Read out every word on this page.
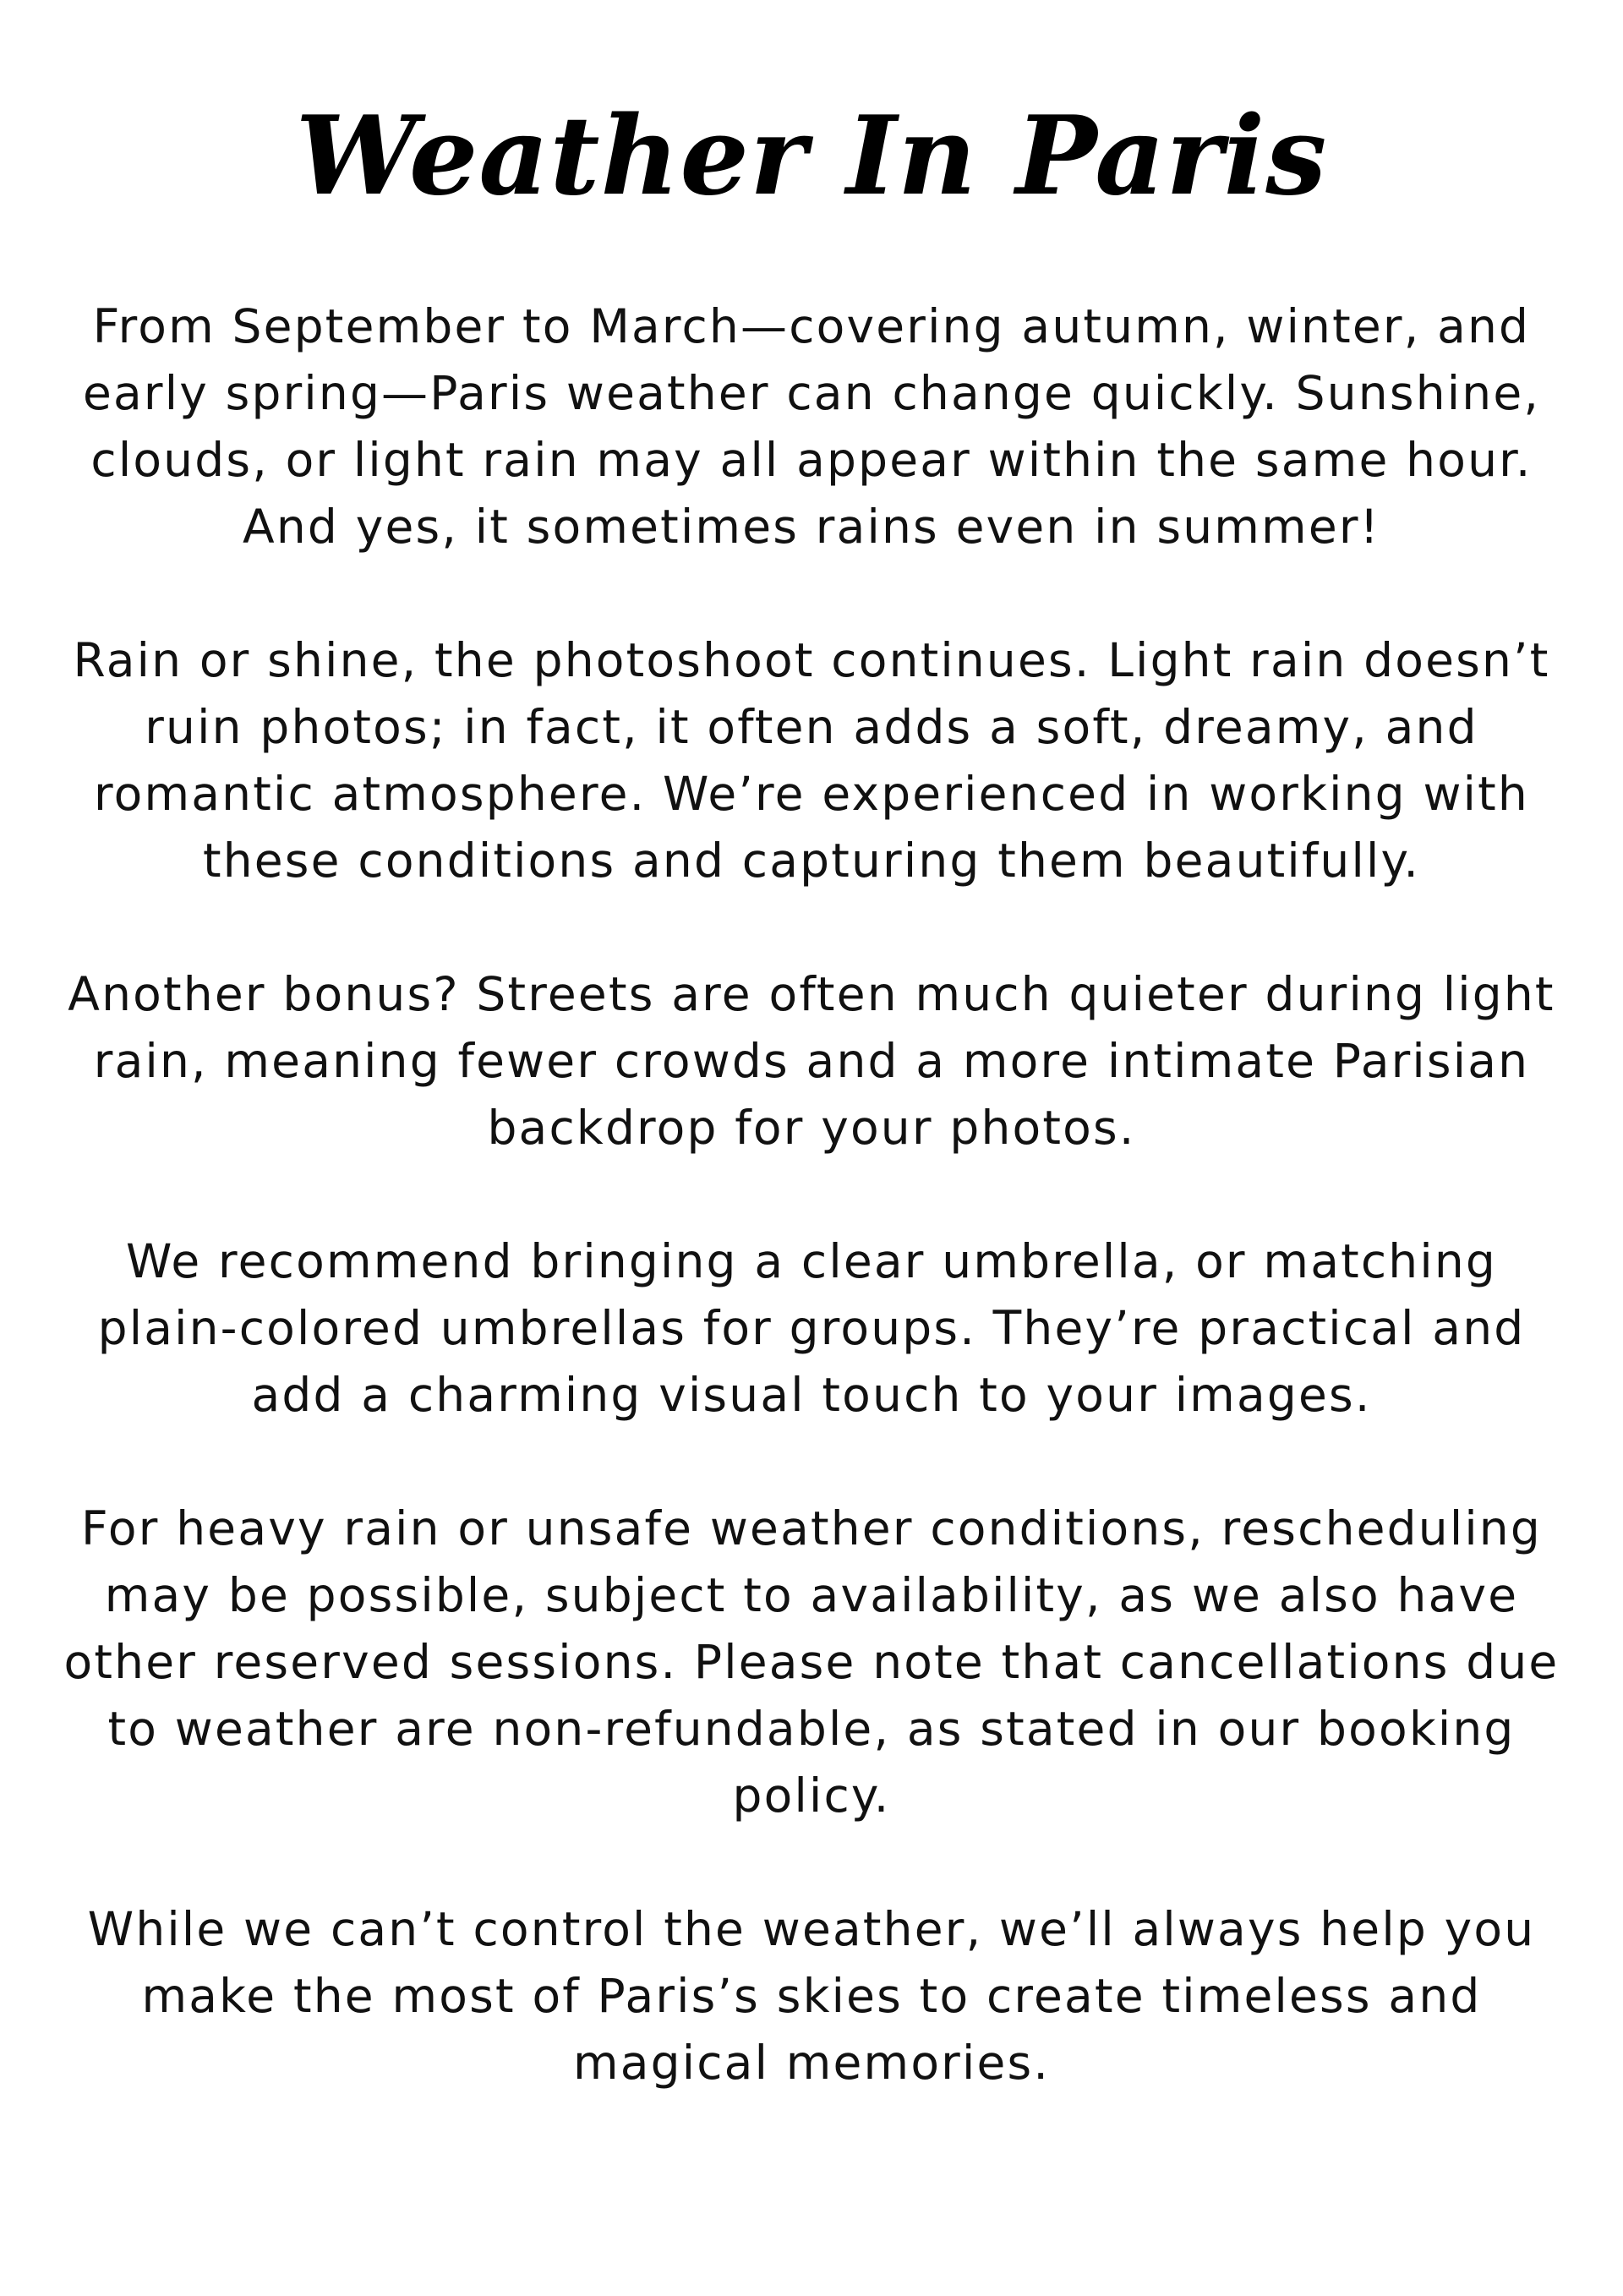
Weather In Paris

From September to March—covering autumn, winter, and early spring—Paris weather can change quickly. Sunshine, clouds, or light rain may all appear within the same hour. And yes, it sometimes rains even in summer!

Rain or shine, the photoshoot continues. Light rain doesn’t ruin photos; in fact, it often adds a soft, dreamy, and romantic atmosphere. We’re experienced in working with these conditions and capturing them beautifully.

Another bonus? Streets are often much quieter during light rain, meaning fewer crowds and a more intimate Parisian backdrop for your photos.

We recommend bringing a clear umbrella, or matching plain-colored umbrellas for groups. They’re practical and add a charming visual touch to your images.

For heavy rain or unsafe weather conditions, rescheduling may be possible, subject to availability, as we also have other reserved sessions. Please note that cancellations due to weather are non-refundable, as stated in our booking policy.

While we can’t control the weather, we’ll always help you make the most of Paris’s skies to create timeless and magical memories.
